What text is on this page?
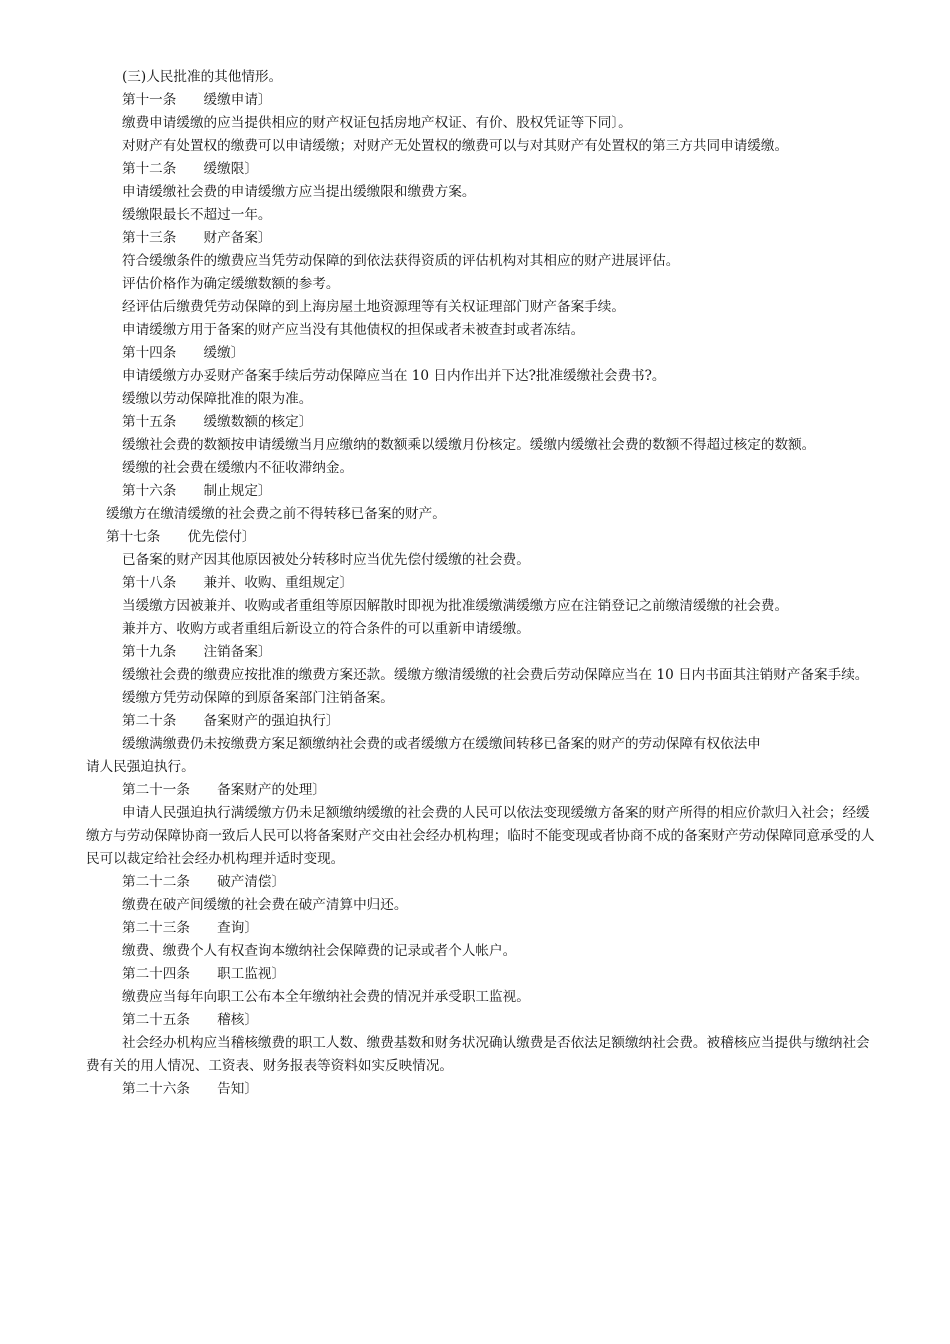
(三)人民批准的其他情形。

第十一条　　缓缴申请〕

缴费申请缓缴的应当提供相应的财产权证包括房地产权证、有价、股权凭证等下同〕。

对财产有处置权的缴费可以申请缓缴；对财产无处置权的缴费可以与对其财产有处置权的第三方共同申请缓缴。

第十二条　　缓缴限〕

申请缓缴社会费的申请缓缴方应当提出缓缴限和缴费方案。

缓缴限最长不超过一年。

第十三条　　财产备案〕

符合缓缴条件的缴费应当凭劳动保障的到依法获得资质的评估机构对其相应的财产进展评估。

评估价格作为确定缓缴数额的参考。

经评估后缴费凭劳动保障的到上海房屋土地资源理等有关权证理部门财产备案手续。

申请缓缴方用于备案的财产应当没有其他债权的担保或者未被查封或者冻结。

第十四条　　缓缴〕

申请缓缴方办妥财产备案手续后劳动保障应当在 10 日内作出并下达?批准缓缴社会费书?。

缓缴以劳动保障批准的限为准。

第十五条　　缓缴数额的核定〕

缓缴社会费的数额按申请缓缴当月应缴纳的数额乘以缓缴月份核定。缓缴内缓缴社会费的数额不得超过核定的数额。

缓缴的社会费在缓缴内不征收滞纳金。

第十六条　　制止规定〕

缓缴方在缴清缓缴的社会费之前不得转移已备案的财产。

第十七条　　优先偿付〕

已备案的财产因其他原因被处分转移时应当优先偿付缓缴的社会费。

第十八条　　兼并、收购、重组规定〕

当缓缴方因被兼并、收购或者重组等原因解散时即视为批准缓缴满缓缴方应在注销登记之前缴清缓缴的社会费。

兼并方、收购方或者重组后新设立的符合条件的可以重新申请缓缴。

第十九条　　注销备案〕

缓缴社会费的缴费应按批准的缴费方案还款。缓缴方缴清缓缴的社会费后劳动保障应当在 10 日内书面其注销财产备案手续。

缓缴方凭劳动保障的到原备案部门注销备案。

第二十条　　备案财产的强迫执行〕

缓缴满缴费仍未按缴费方案足额缴纳社会费的或者缓缴方在缓缴间转移已备案的财产的劳动保障有权依法申

请人民强迫执行。

第二十一条　　备案财产的处理〕

申请人民强迫执行满缓缴方仍未足额缴纳缓缴的社会费的人民可以依法变现缓缴方备案的财产所得的相应价款归入社会；经缓缴方与劳动保障协商一致后人民可以将备案财产交由社会经办机构理；临时不能变现或者协商不成的备案财产劳动保障同意承受的人民可以裁定给社会经办机构理并适时变现。

第二十二条　　破产清偿〕

缴费在破产间缓缴的社会费在破产清算中归还。

第二十三条　　查询〕

缴费、缴费个人有权查询本缴纳社会保障费的记录或者个人帐户。

第二十四条　　职工监视〕

缴费应当每年向职工公布本全年缴纳社会费的情况并承受职工监视。

第二十五条　　稽核〕

社会经办机构应当稽核缴费的职工人数、缴费基数和财务状况确认缴费是否依法足额缴纳社会费。被稽核应当提供与缴纳社会费有关的用人情况、工资表、财务报表等资料如实反映情况。

第二十六条　　告知〕
